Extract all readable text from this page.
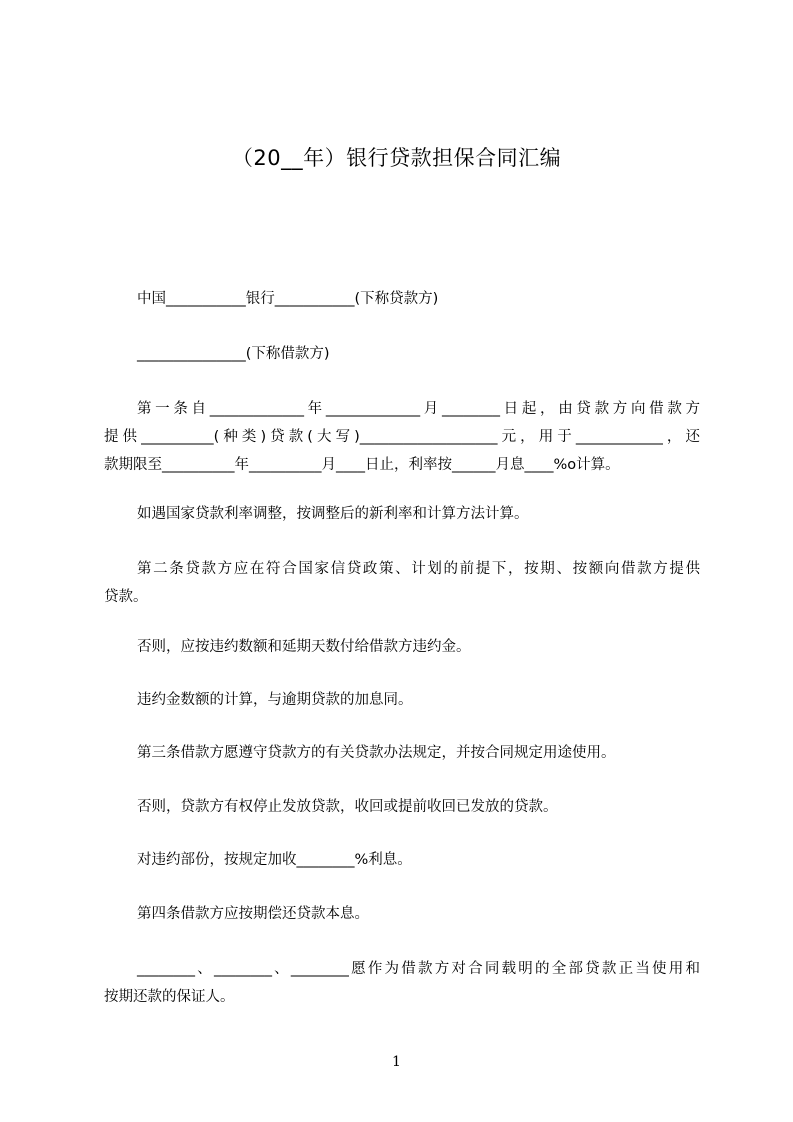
（20__年）银行贷款担保合同汇编

中国___________银行___________(下称贷款方)

_______________(下称借款方)

第一条自_____________年_____________月________日起，由贷款方向借款方
提供__________(种类)贷款(大写)___________________元，用于____________，还
款期限至__________年__________月____日止，利率按______月息____%o计算。

如遇国家贷款利率调整，按调整后的新利率和计算方法计算。

第二条贷款方应在符合国家信贷政策、计划的前提下，按期、按额向借款方提供
贷款。

否则，应按违约数额和延期天数付给借款方违约金。

违约金数额的计算，与逾期贷款的加息同。

第三条借款方愿遵守贷款方的有关贷款办法规定，并按合同规定用途使用。

否则，贷款方有权停止发放贷款，收回或提前收回已发放的贷款。

对违约部份，按规定加收________%利息。

第四条借款方应按期偿还贷款本息。

________、________、________愿作为借款方对合同载明的全部贷款正当使用和
按期还款的保证人。

1
